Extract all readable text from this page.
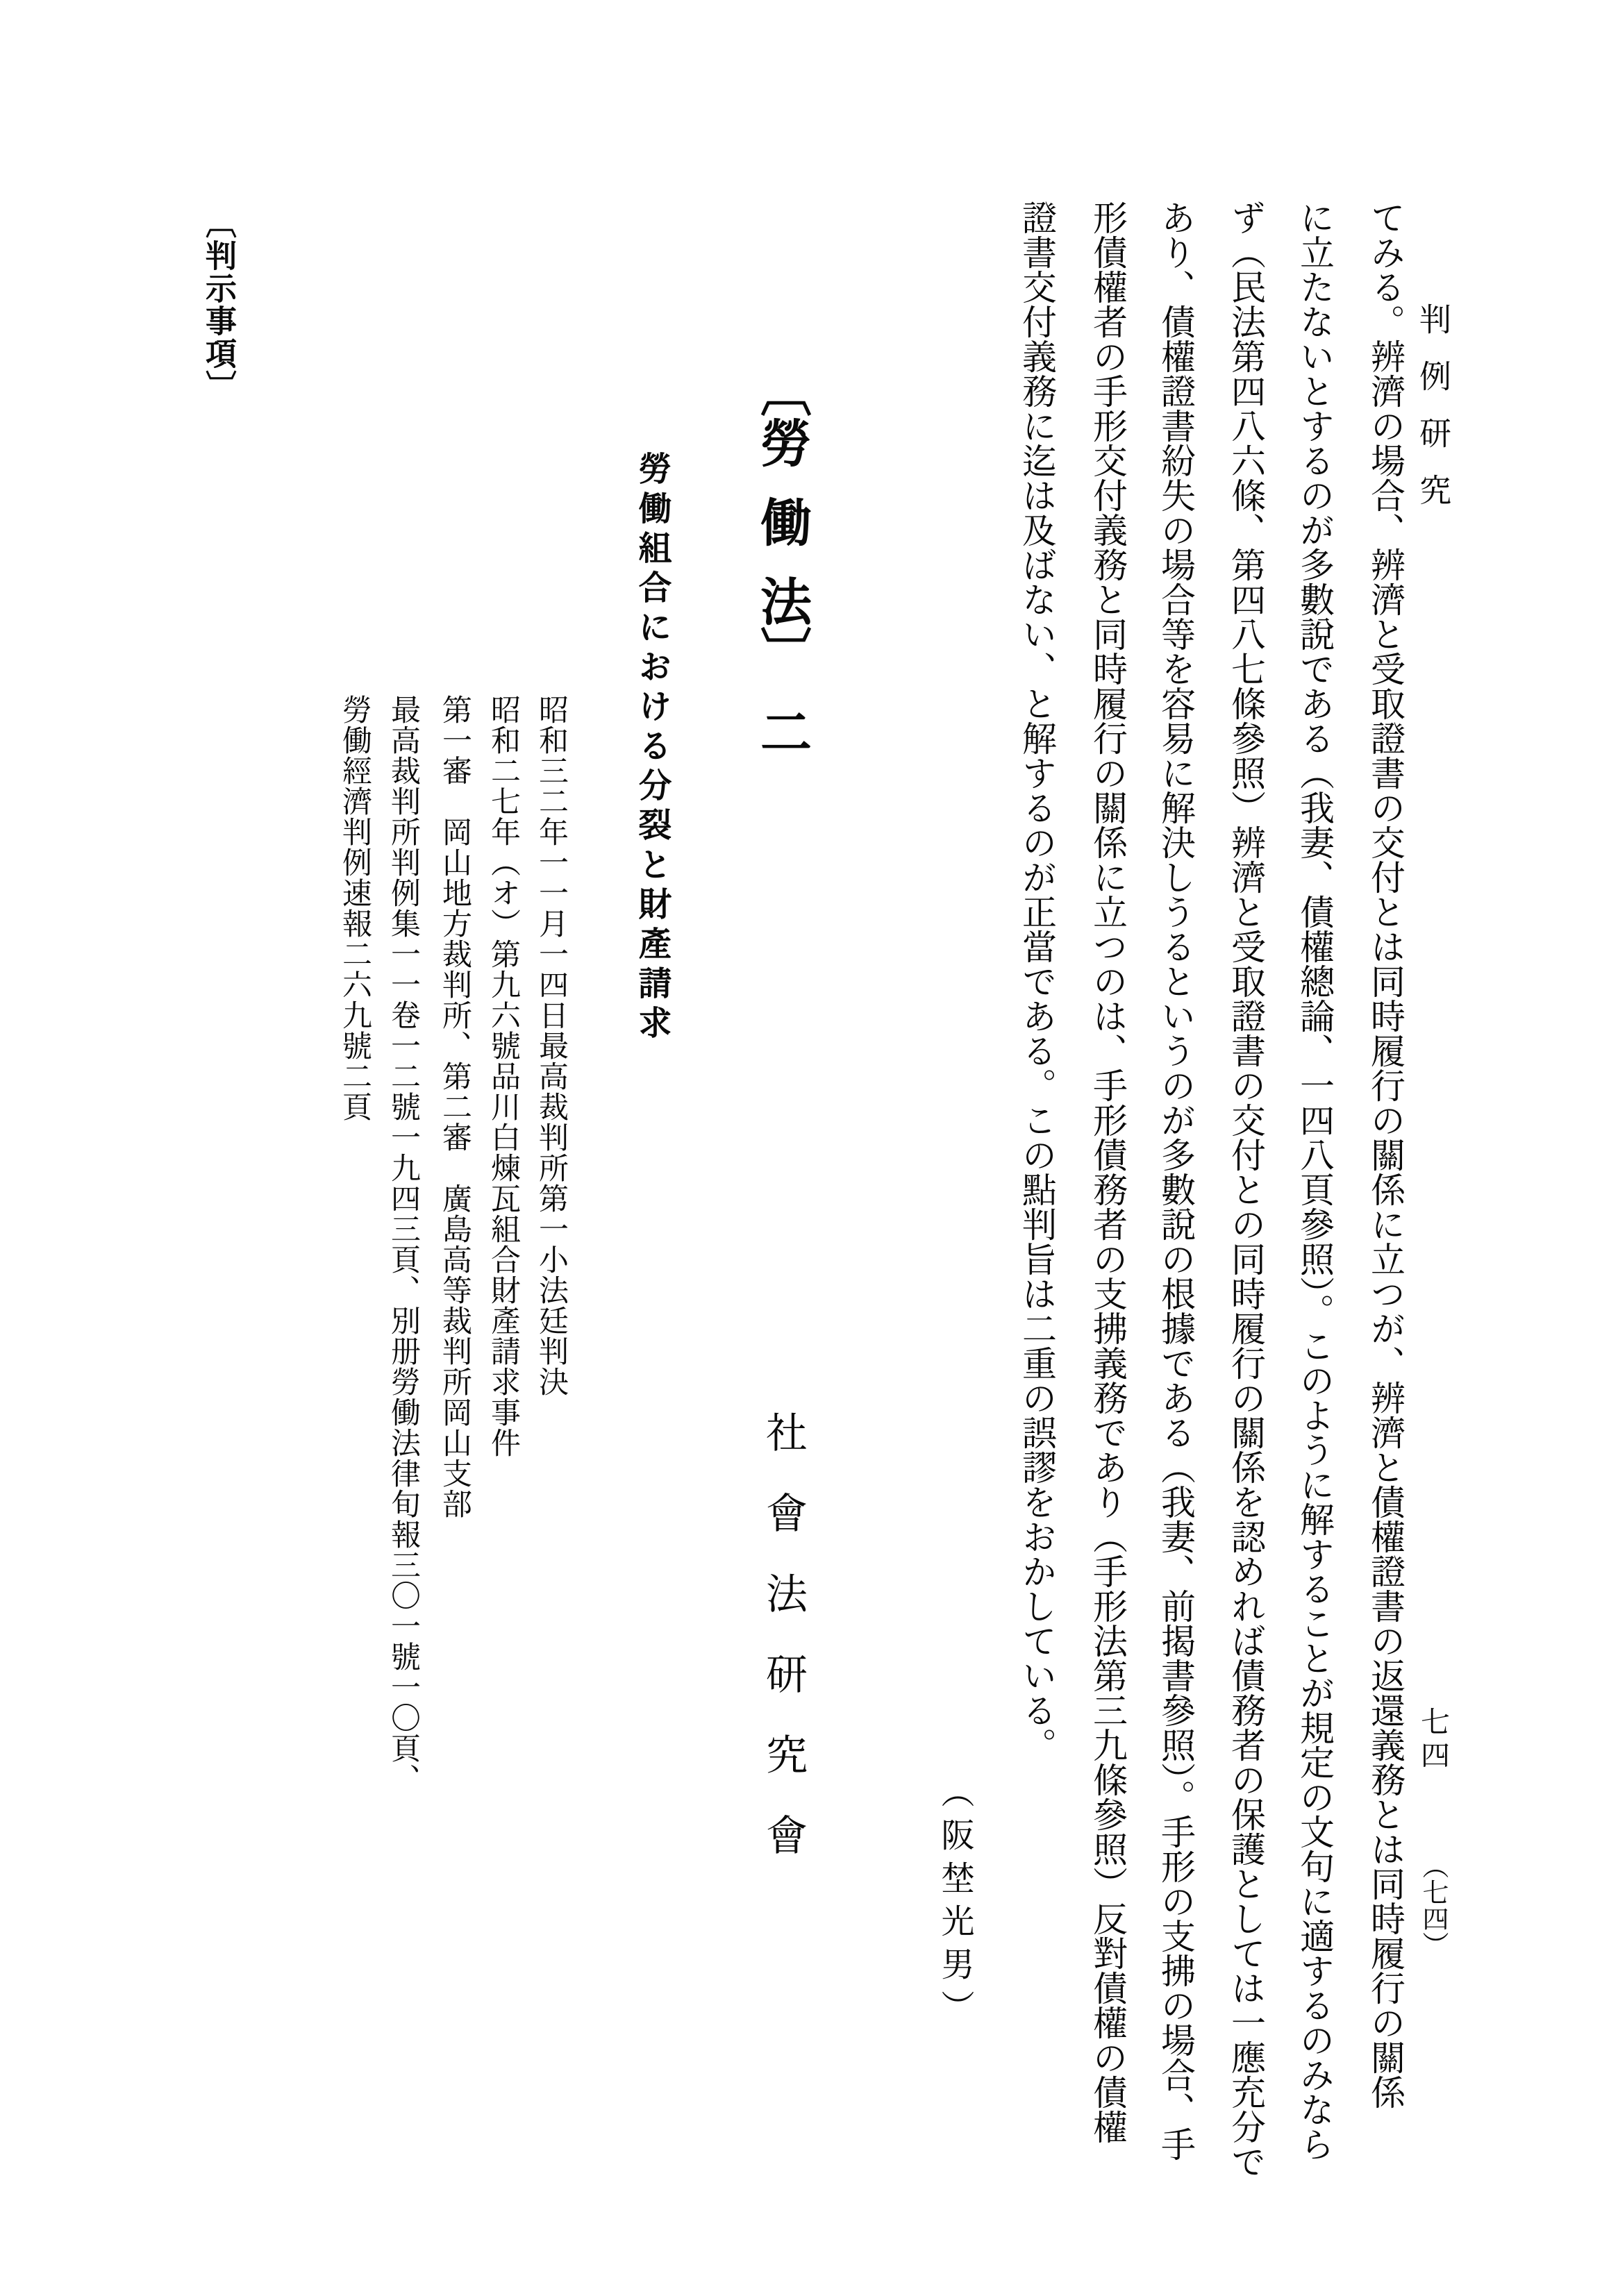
判例研究
七四
（七四）
てみる。辨濟の場合、辨濟と受取證書の交付とは同時履行の關係に立つが、辨濟と債權證書の返還義務とは同時履行の關係
に立たないとするのが多數說である（我妻、債權總論、一四八頁參照）。このように解することが規定の文句に適するのみなら
ず（民法第四八六條、第四八七條參照）辨濟と受取證書の交付との同時履行の關係を認めれば債務者の保護としては一應充分で
あり、債權證書紛失の場合等を容易に解決しうるというのが多數說の根據である（我妻、前揭書參照）。手形の支拂の場合、手
形債權者の手形交付義務と同時履行の關係に立つのは、手形債務者の支拂義務であり（手形法第三九條參照）反對債權の債權
證書交付義務に迄は及ばない、と解するのが正當である。この點判旨は二重の誤謬をおかしている。
（阪埜光男）
〔勞働法〕二
社會法研究會
勞働組合における分裂と財產請求
昭和三二年一一月一四日最高裁判所第一小法廷判決
昭和二七年（オ）第九六號品川白煉瓦組合財產請求事件
第一審　岡山地方裁判所、第二審　廣島高等裁判所岡山支部
最高裁判所判例集一一卷一二號一九四三頁、別册勞働法律旬報三〇一號一〇頁、
勞働經濟判例速報二六九號二頁
〔判示事項〕
